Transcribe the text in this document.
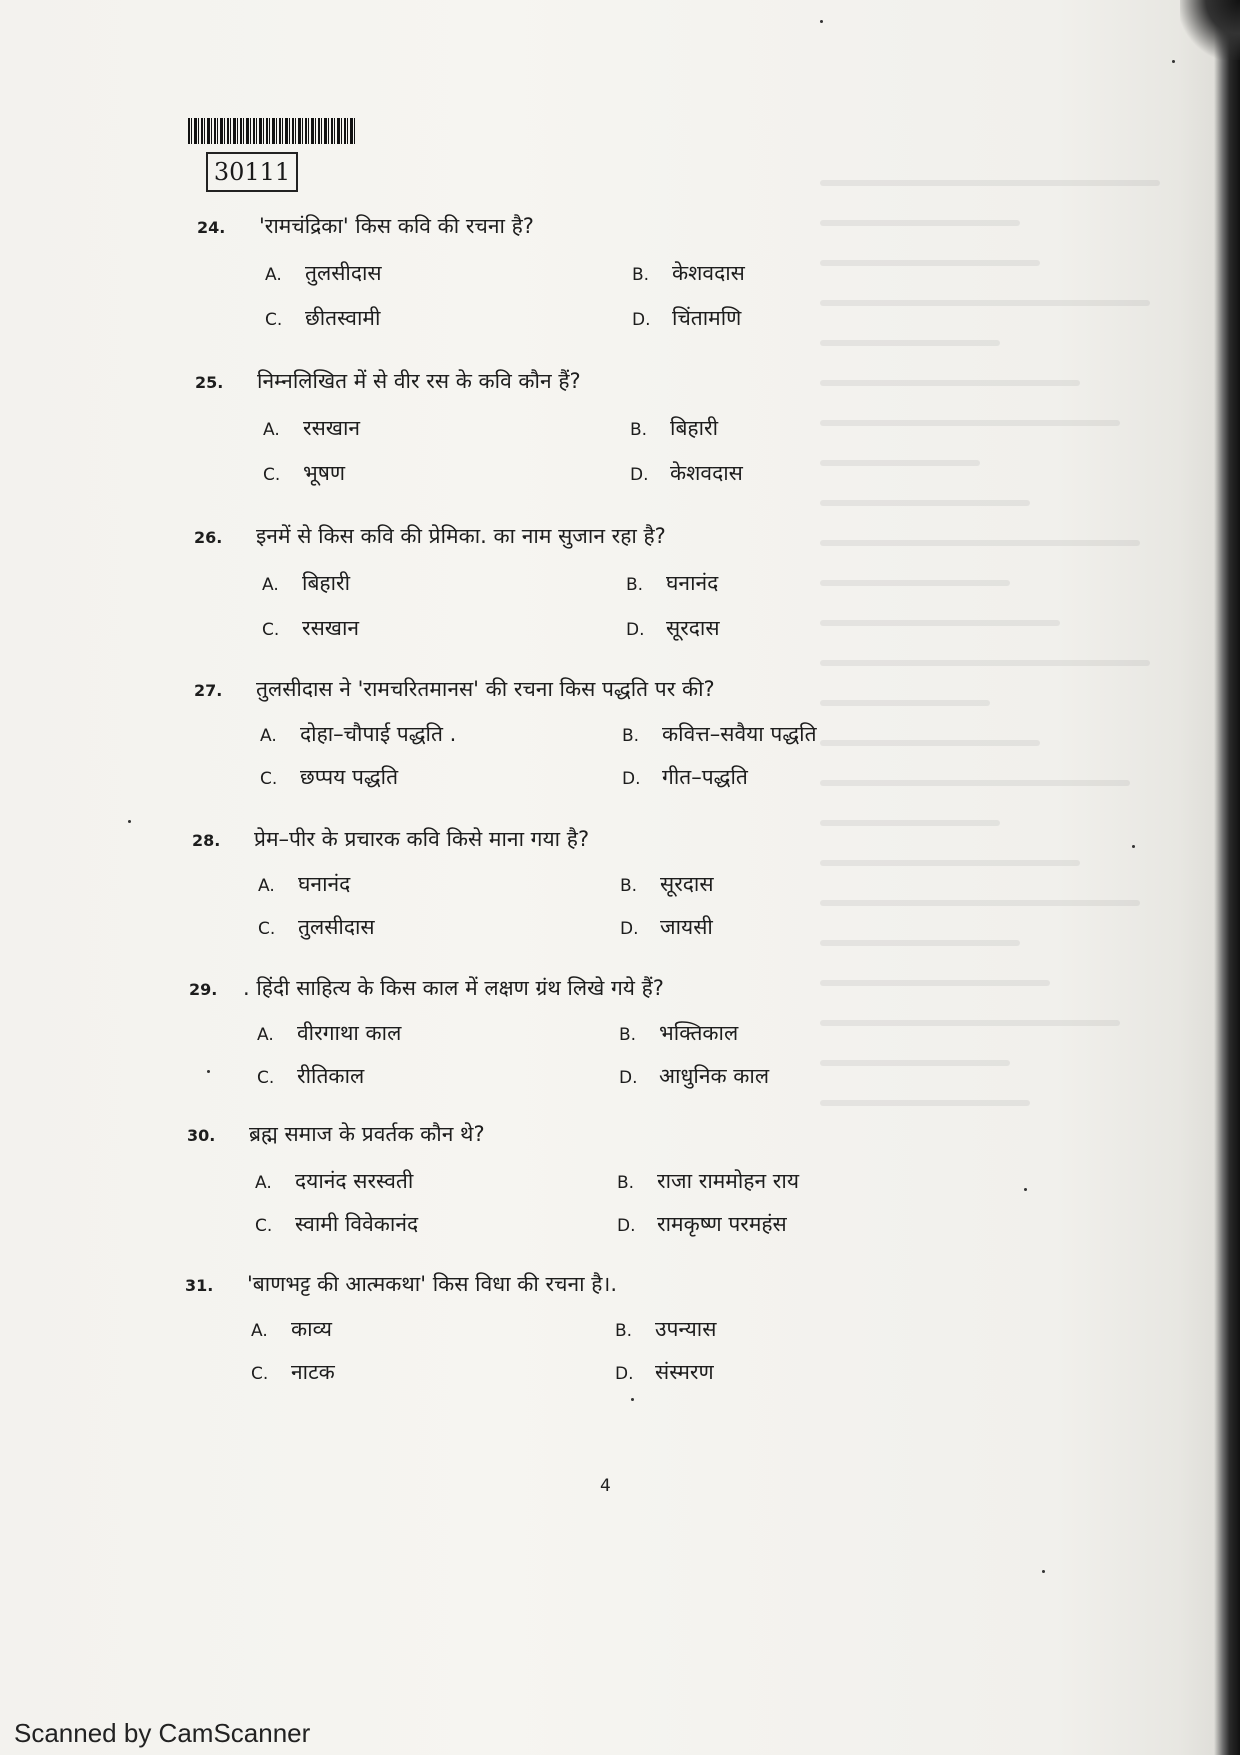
30111
24. 'रामचंद्रिका' किस कवि की रचना है?
A. तुलसीदास	B. केशवदास
C. छीतस्वामी	D. चिंतामणि
25. निम्नलिखित में से वीर रस के कवि कौन हैं?
A. रसखान	B. बिहारी
C. भूषण	D. केशवदास
26. इनमें से किस कवि की प्रेमिका. का नाम सुजान रहा है?
A. बिहारी	B. घनानंद
C. रसखान	D. सूरदास
27. तुलसीदास ने 'रामचरितमानस' की रचना किस पद्धति पर की?
A. दोहा–चौपाई पद्धति .	B. कवित्त–सवैया पद्धति
C. छप्पय पद्धति	D. गीत–पद्धति
28. प्रेम–पीर के प्रचारक कवि किसे माना गया है?
A. घनानंद	B. सूरदास
C. तुलसीदास	D. जायसी
29. . हिंदी साहित्य के किस काल में लक्षण ग्रंथ लिखे गये हैं?
A. वीरगाथा काल	B. भक्तिकाल
C. रीतिकाल	D. आधुनिक काल
30. ब्रह्म समाज के प्रवर्तक कौन थे?
A. दयानंद सरस्वती	B. राजा राममोहन राय
C. स्वामी विवेकानंद	D. रामकृष्ण परमहंस
31. 'बाणभट्ट की आत्मकथा' किस विधा की रचना है।.
A. काव्य	B. उपन्यास
C. नाटक	D. संस्मरण
4
Scanned by CamScanner
